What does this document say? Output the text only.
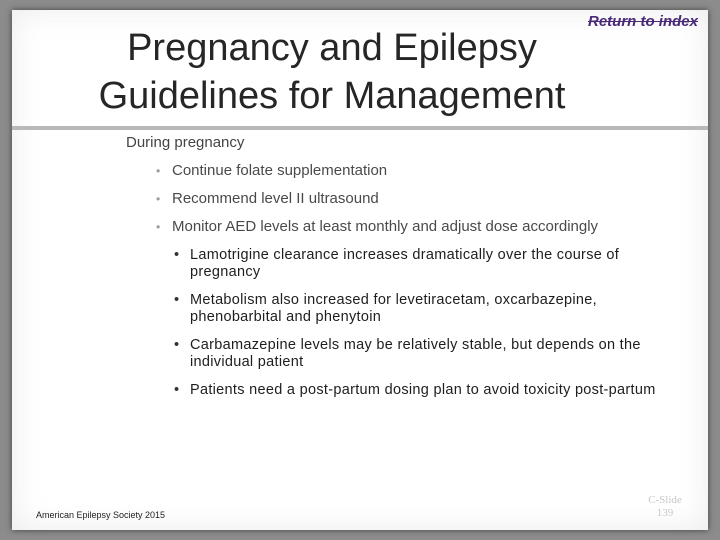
Return to index
Pregnancy and Epilepsy
Guidelines for Management
During pregnancy
• Continue folate supplementation
• Recommend level II ultrasound
• Monitor AED levels at least monthly and adjust dose accordingly
• Lamotrigine clearance increases dramatically over the course of pregnancy
• Metabolism also increased for levetiracetam, oxcarbazepine, phenobarbital and phenytoin
• Carbamazepine levels may be relatively stable, but depends on the individual patient
• Patients need a post-partum dosing plan to avoid toxicity post-partum
American Epilepsy Society 2015
C-Slide
139
